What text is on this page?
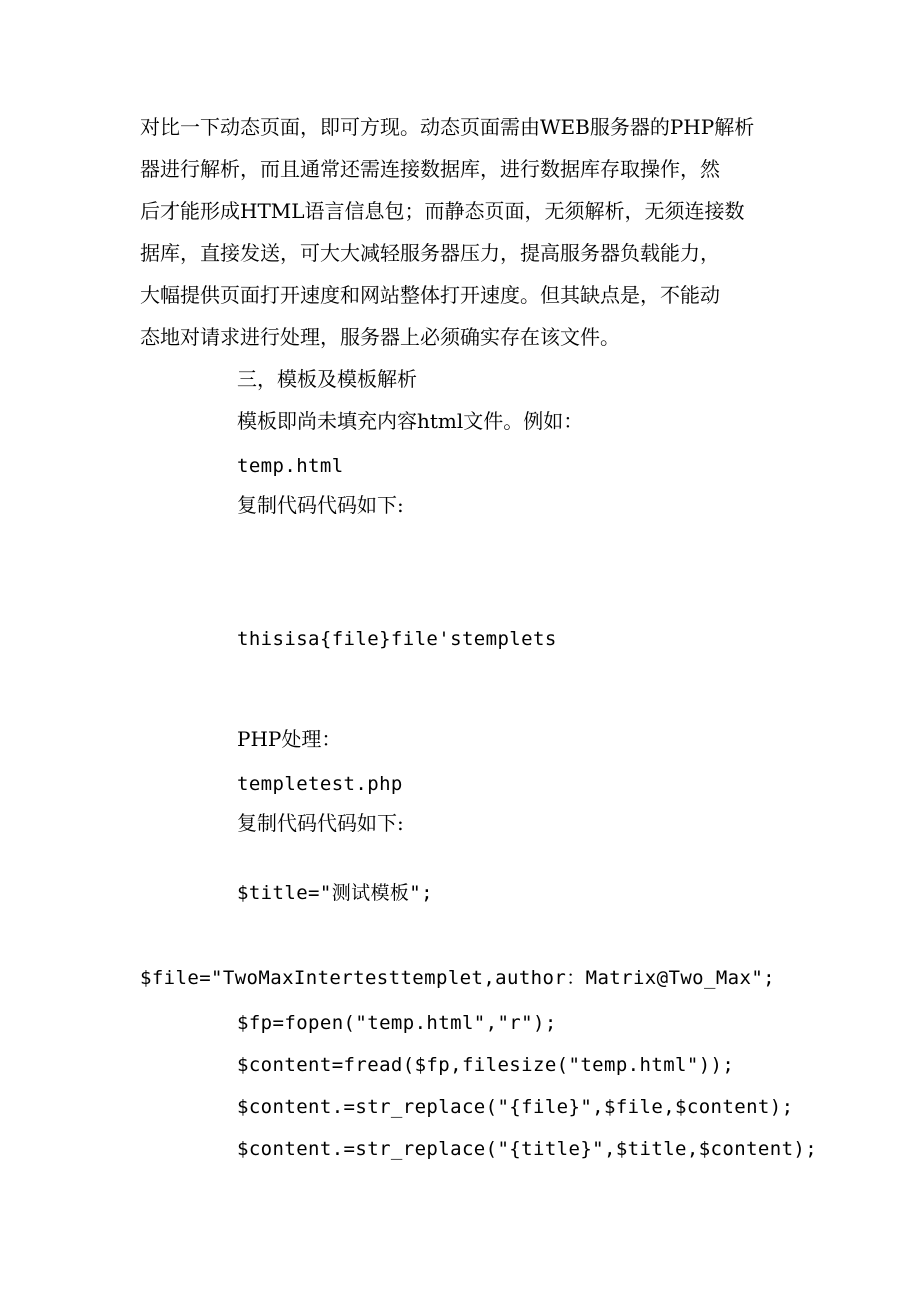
对比一下动态页面，即可方现。动态页面需由WEB服务器的PHP解析
器进行解析，而且通常还需连接数据库，进行数据库存取操作，然
后才能形成HTML语言信息包；而静态页面，无须解析，无须连接数
据库，直接发送，可大大减轻服务器压力，提高服务器负载能力，
大幅提供页面打开速度和网站整体打开速度。但其缺点是，不能动
态地对请求进行处理，服务器上必须确实存在该文件。
三，模板及模板解析
模板即尚未填充内容html文件。例如：
temp.html
复制代码代码如下:
thisisa{file}file'stemplets
PHP处理：
templetest.php
复制代码代码如下:
$title="测试模板";
$file="TwoMaxIntertesttemplet,author：Matrix@Two_Max";
$fp=fopen("temp.html","r");
$content=fread($fp,filesize("temp.html"));
$content.=str_replace("{file}",$file,$content);
$content.=str_replace("{title}",$title,$content);
